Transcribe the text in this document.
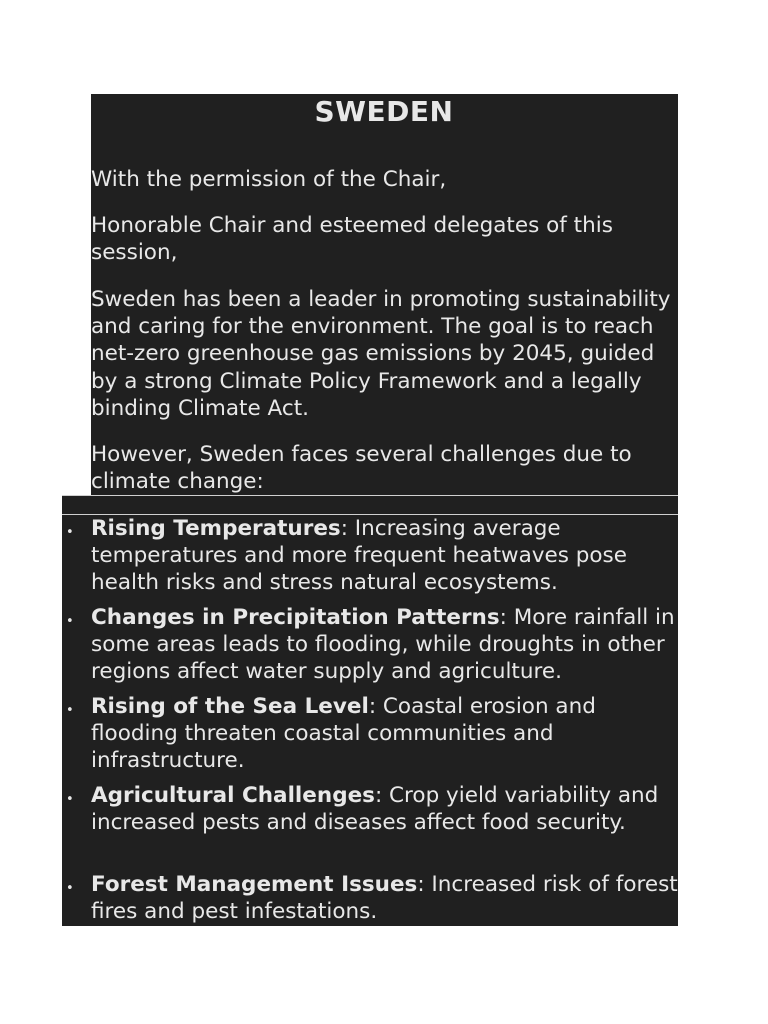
SWEDEN

With the permission of the Chair,

Honorable Chair and esteemed delegates of this session,

Sweden has been a leader in promoting sustainability and caring for the environment. The goal is to reach net-zero greenhouse gas emissions by 2045, guided by a strong Climate Policy Framework and a legally binding Climate Act.

However, Sweden faces several challenges due to climate change:

• Rising Temperatures: Increasing average temperatures and more frequent heatwaves pose health risks and stress natural ecosystems.

• Changes in Precipitation Patterns: More rainfall in some areas leads to flooding, while droughts in other regions affect water supply and agriculture.

• Rising of the Sea Level: Coastal erosion and flooding threaten coastal communities and infrastructure.

• Agricultural Challenges: Crop yield variability and increased pests and diseases affect food security.

• Forest Management Issues: Increased risk of forest fires and pest infestations.
